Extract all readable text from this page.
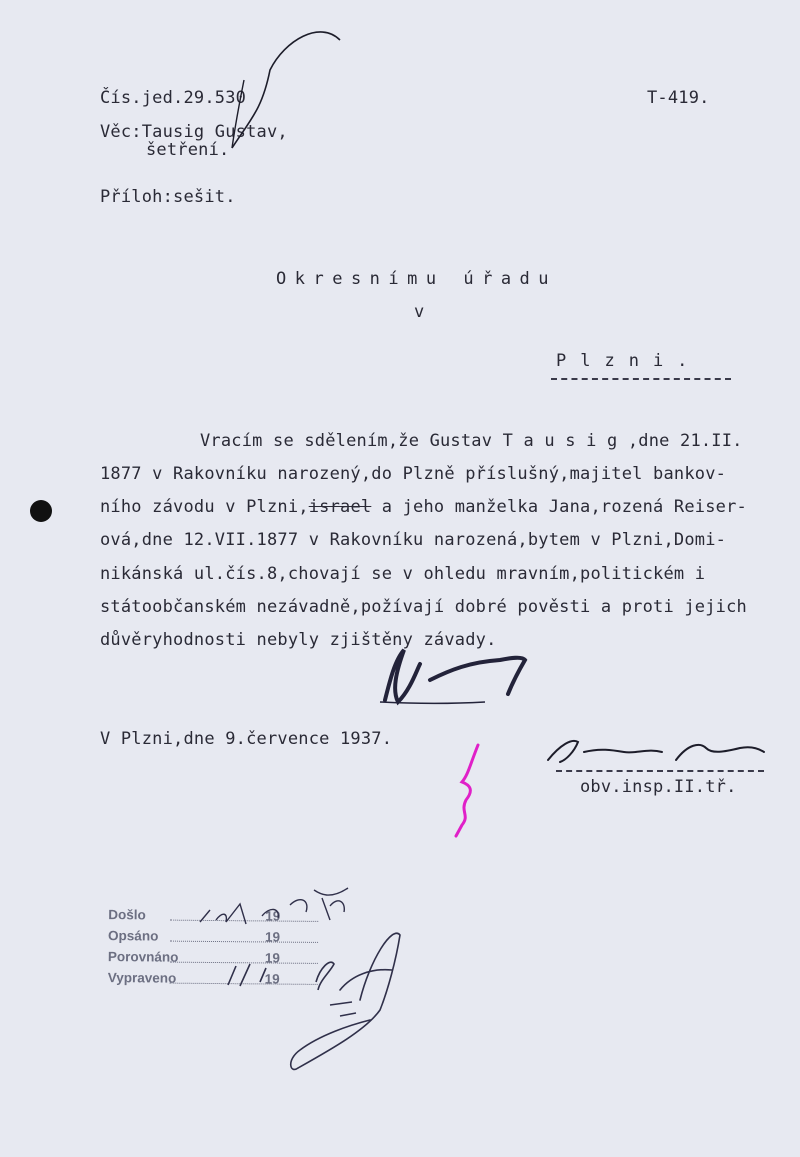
Čís.jed.29.530	T-419.
Věc:Tausig Gustav,
šetření.
Příloh:sešit.
Okresnímu úřadu
v
Plzni.
Vracím se sdělením,že Gustav T a u s i g ,dne 21.II.
1877 v Rakovníku narozený,do Plzně příslušný,majitel bankov-
ního závodu v Plzni,israel a jeho manželka Jana,rozená Reiser-
ová,dne 12.VII.1877 v Rakovníku narozená,bytem v Plzni,Domi-
nikánská ul.čís.8,chovají se v ohledu mravním,politickém i
státoobčanském nezávadně,požívají dobré pověsti a proti jejich
důvěryhodnosti nebyly zjištěny závady.
V Plzni,dne 9.července 1937.
obv.insp.II.tř.
Došlo	19
Opsáno	19
Porovnáno	19
Vypraveno	19
